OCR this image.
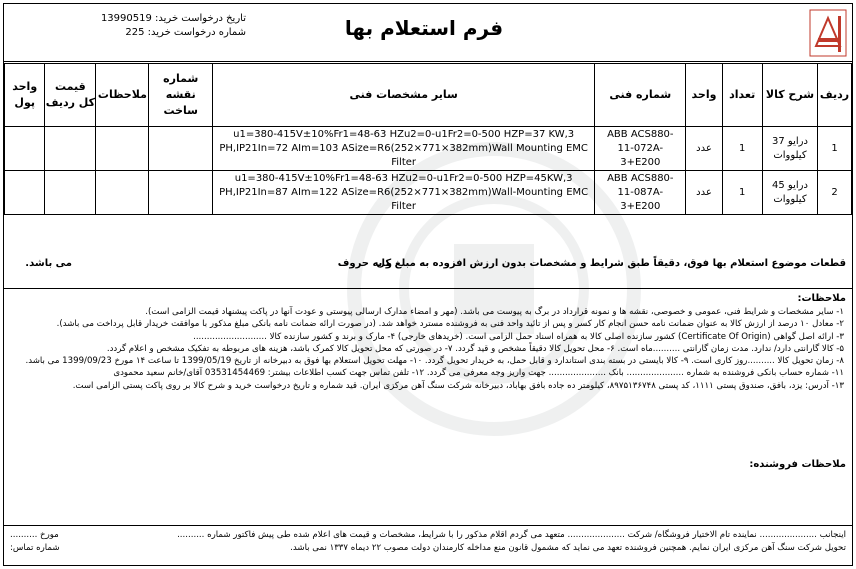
تاریخ درخواست خرید: 13990519
شماره درخواست خرید: 225	فرم استعلام بها
ردیف	شرح کالا	تعداد	واحد	شماره فنی	سایر مشخصات فنی	شماره نقشه ساخت	ملاحظات	قیمت کل ردیف	واحد پول
1	درایو 37 کیلووات	1	عدد	ABB ACS880-11-072A-3+E200	u1=380-415V±10%Fr1=48-63 HZu2=0-u1Fr2=0-500 HZP=37 KW,3 PH,IP21In=72 AIm=103 ASize=R6(252×771×382mm)Wall Mounting EMC Filter				
2	درایو 45 کیلووات	1	عدد	ABB ACS880-11-087A-3+E200	u1=380-415V±10%Fr1=48-63 HZu2=0-u1Fr2=0-500 HZP=45KW,3 PH,IP21In=87 AIm=122 ASize=R6(252×771×382mm)Wall-Mounting EMC Filter				
قطعات موضوع استعلام بها فوق، دقیقاً طبق شرایط و مشخصات بدون ارزش افزوده به مبلغ کل
و به حروف
می باشد.
ملاحظات:
۱- سایر مشخصات و شرایط فنی، عمومی و خصوصی، نقشه ها و نمونه قرارداد در برگ به پیوست می باشد. (مهر و امضاء مدارک ارسالی پیوستی و عودت آنها در پاکت پیشنهاد قیمت الزامی است).
۲- معادل ۱۰ درصد از ارزش کالا به عنوان ضمانت نامه حسن انجام کار کسر و پس از تائید واحد فنی به فروشنده مسترد خواهد شد. (در صورت ارائه ضمانت نامه بانکی مبلغ مذکور با موافقت خریدار قابل پرداخت می باشد).
۳- ارائه اصل گواهی (Certificate Of Origin) کشور سازنده اصلی کالا به همراه اسناد حمل الزامی است. (خریدهای خارجی) ۴- مارک و برند و کشور سازنده کالا ...........................
۵- کالا گارانتی دارد/ ندارد. مدت زمان گارانتی ..........ماه است. ۶- محل تحویل کالا دقیقاً مشخص و قید گردد. ۷- در صورتی که محل تحویل کالا کمرک باشد، هزینه های مربوطه به تفکیک مشخص و اعلام گردد.
۸- زمان تحویل کالا ..........روز کاری است. ۹- کالا بایستی در بسته بندی استاندارد و قابل حمل، به خریدار تحویل گردد. ۱۰- مهلت تحویل استعلام بها فوق به دبیرخانه از تاریخ 1399/05/19 تا ساعت ۱۴ مورخ 1399/09/23 می باشد.
۱۱- شماره حساب بانکی فروشنده به شماره ..................... بانک ..................... جهت واریز وجه معرفی می گردد. ۱۲- تلفن تماس جهت کسب اطلاعات بیشتر: 03531454469 آقای/خانم سعید محمودی
۱۳- آدرس: یزد، بافق، صندوق پستی ۱۱۱۱، کد پستی ۸۹۷۵۱۳۶۷۴۸، کیلومتر ده جاده بافق بهاباد، دبیرخانه شرکت سنگ آهن مرکزی ایران. قید شماره و تاریخ درخواست خرید و شرح کالا بر روی پاکت پستی الزامی است.
ملاحظات فروشنده:
اینجانب ..................... نماینده تام الاختیار فروشگاه/ شرکت ..................... متعهد می گردم اقلام مذکور را با شرایط، مشخصات و قیمت های اعلام شده طی پیش فاکتور شماره ..........
مورخ ..........
تحویل شرکت سنگ آهن مرکزی ایران نمایم. همچنین فروشنده تعهد می نماید که مشمول قانون منع مداخله کارمندان دولت مصوب ۲۲ دیماه ۱۳۳۷ نمی باشد.
شماره تماس:
